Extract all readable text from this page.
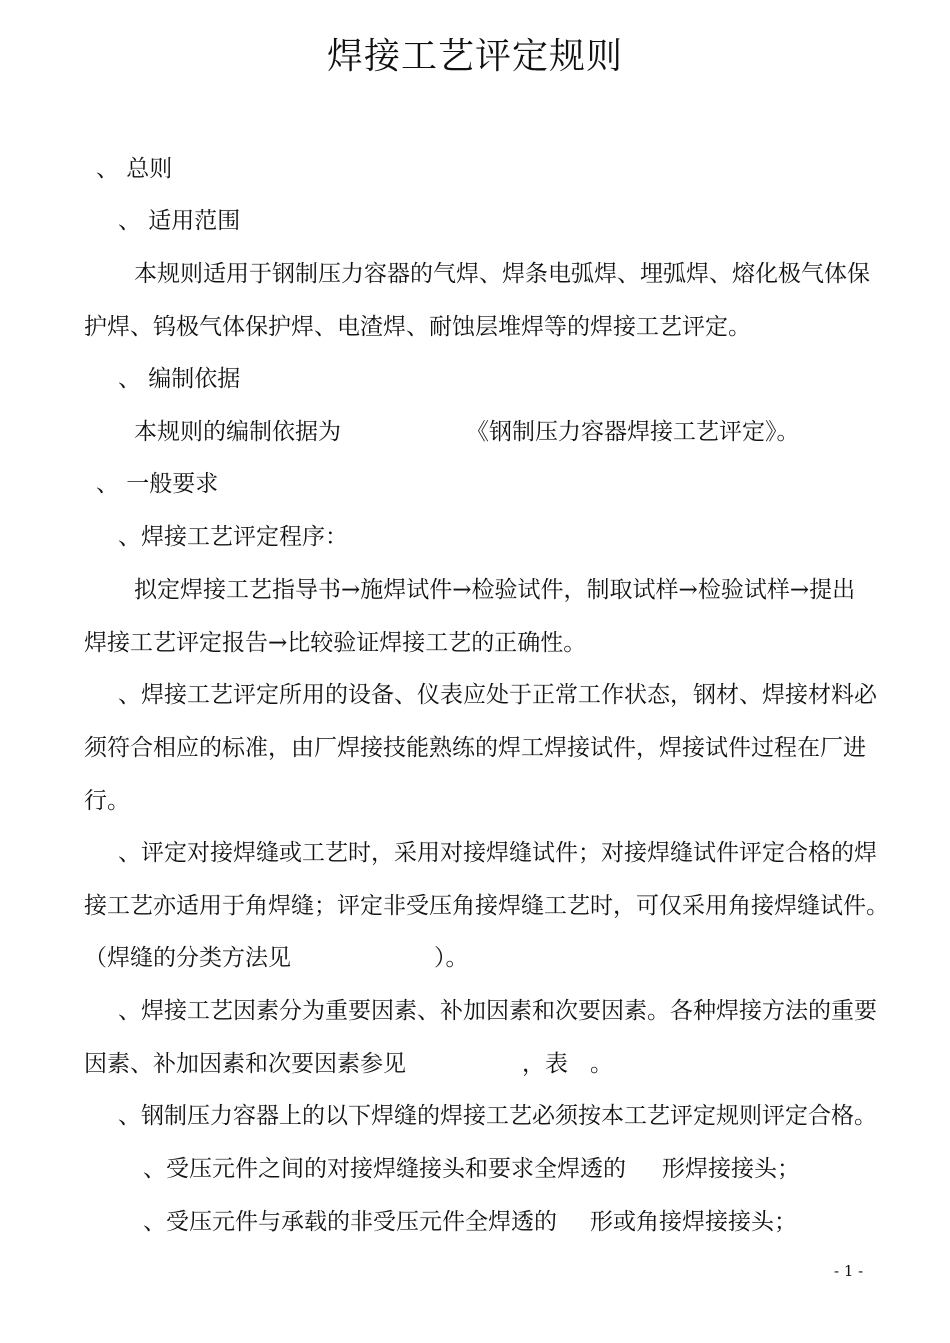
焊接工艺评定规则
、 总则
、 适用范围
本规则适用于钢制压力容器的气焊、焊条电弧焊、埋弧焊、熔化极气体保
护焊、钨极气体保护焊、电渣焊、耐蚀层堆焊等的焊接工艺评定。
、 编制依据
本规则的编制依据为	《钢制压力容器焊接工艺评定》。
、 一般要求
、焊接工艺评定程序：
拟定焊接工艺指导书→施焊试件→检验试件，制取试样→检验试样→提出
焊接工艺评定报告→比较验证焊接工艺的正确性。
、焊接工艺评定所用的设备、仪表应处于正常工作状态，钢材、焊接材料必
须符合相应的标准，由厂焊接技能熟练的焊工焊接试件，焊接试件过程在厂进
行。
、评定对接焊缝或工艺时，采用对接焊缝试件；对接焊缝试件评定合格的焊
接工艺亦适用于角焊缝；评定非受压角接焊缝工艺时，可仅采用角接焊缝试件。
（焊缝的分类方法见	）。
、焊接工艺因素分为重要因素、补加因素和次要因素。各种焊接方法的重要
因素、补加因素和次要因素参见	，表 。
、钢制压力容器上的以下焊缝的焊接工艺必须按本工艺评定规则评定合格。
、受压元件之间的对接焊缝接头和要求全焊透的 形焊接接头；
、受压元件与承载的非受压元件全焊透的 形或角接焊接接头；
- 1 -
